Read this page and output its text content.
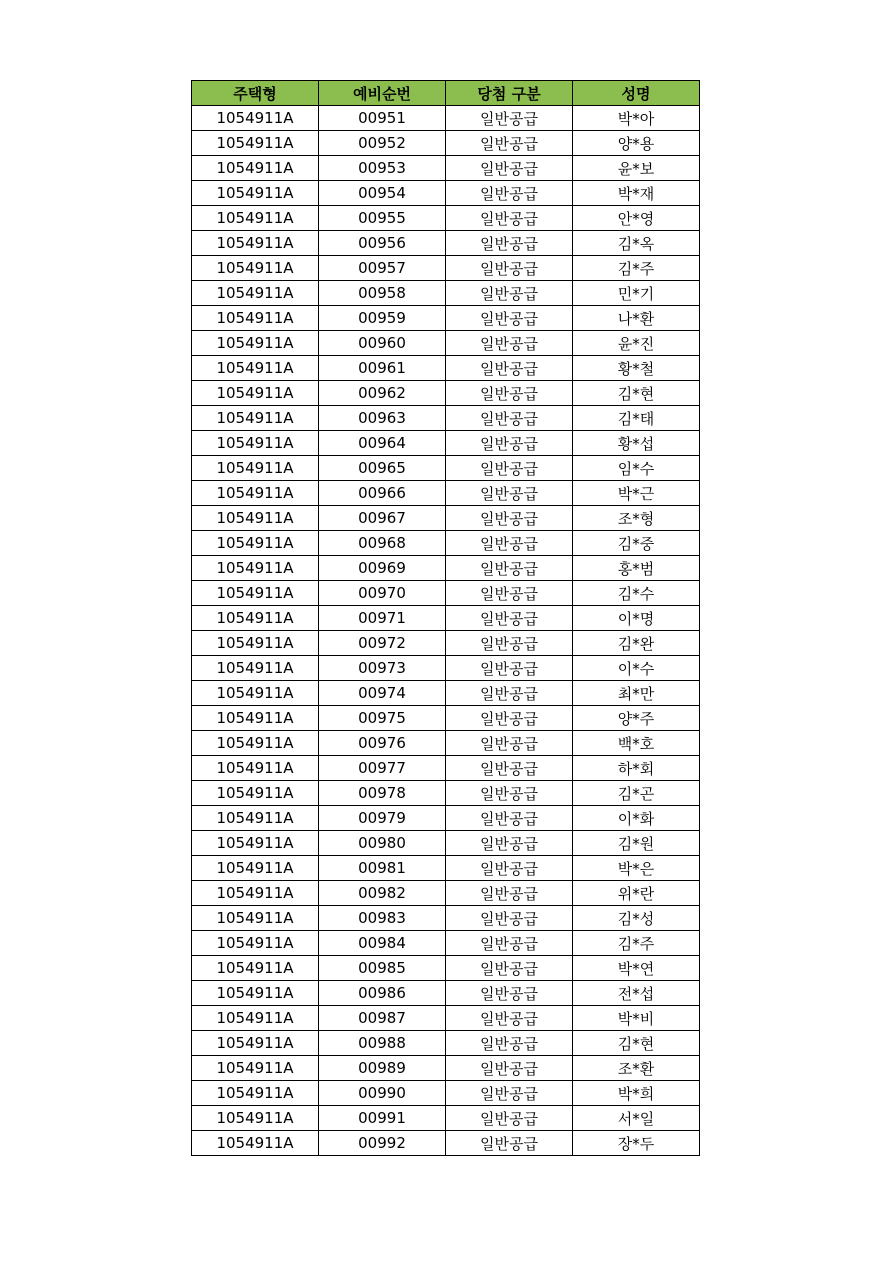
주택형	예비순번	당첨 구분	성명
1054911A	00951	일반공급	박*아
1054911A	00952	일반공급	양*용
1054911A	00953	일반공급	윤*보
1054911A	00954	일반공급	박*재
1054911A	00955	일반공급	안*영
1054911A	00956	일반공급	김*옥
1054911A	00957	일반공급	김*주
1054911A	00958	일반공급	민*기
1054911A	00959	일반공급	나*환
1054911A	00960	일반공급	윤*진
1054911A	00961	일반공급	황*철
1054911A	00962	일반공급	김*현
1054911A	00963	일반공급	김*태
1054911A	00964	일반공급	황*섭
1054911A	00965	일반공급	임*수
1054911A	00966	일반공급	박*근
1054911A	00967	일반공급	조*형
1054911A	00968	일반공급	김*중
1054911A	00969	일반공급	홍*범
1054911A	00970	일반공급	김*수
1054911A	00971	일반공급	이*명
1054911A	00972	일반공급	김*완
1054911A	00973	일반공급	이*수
1054911A	00974	일반공급	최*만
1054911A	00975	일반공급	양*주
1054911A	00976	일반공급	백*호
1054911A	00977	일반공급	하*회
1054911A	00978	일반공급	김*곤
1054911A	00979	일반공급	이*화
1054911A	00980	일반공급	김*원
1054911A	00981	일반공급	박*은
1054911A	00982	일반공급	위*란
1054911A	00983	일반공급	김*성
1054911A	00984	일반공급	김*주
1054911A	00985	일반공급	박*연
1054911A	00986	일반공급	전*섭
1054911A	00987	일반공급	박*비
1054911A	00988	일반공급	김*현
1054911A	00989	일반공급	조*환
1054911A	00990	일반공급	박*희
1054911A	00991	일반공급	서*일
1054911A	00992	일반공급	장*두
